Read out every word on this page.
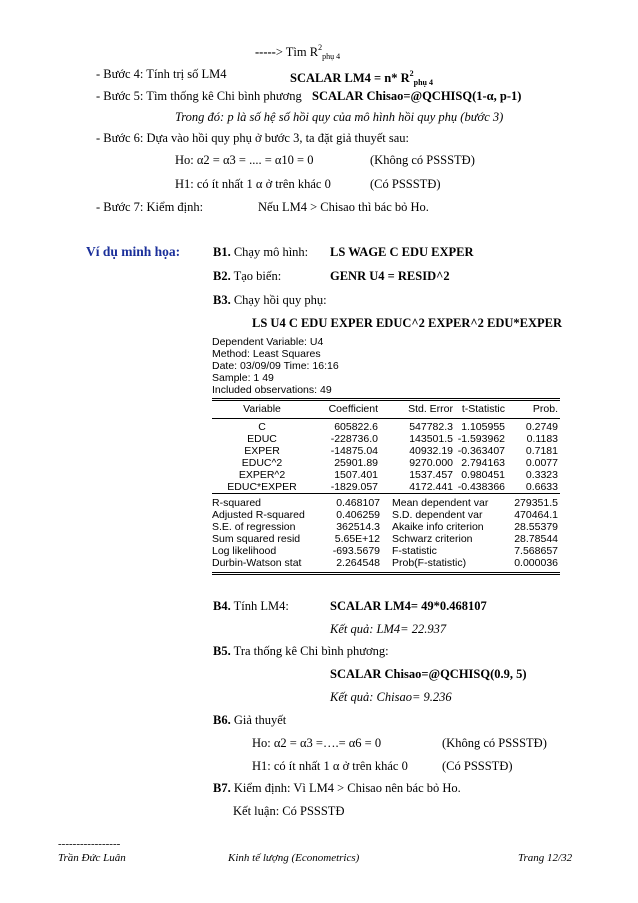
-----> Tìm $R^2_{phụ 4}$
- Bước 4: Tính trị số LM4	SCALAR LM4 = n* $R^2_{phụ 4}$
- Bước 5: Tìm thống kê Chi bình phương SCALAR Chisao=@QCHISQ(1-α, p-1)
Trong đó: p là số hệ số hồi quy của mô hình hồi quy phụ (bước 3)
- Bước 6: Dựa vào hồi quy phụ ở bước 3, ta đặt giả thuyết sau:
Ho: α2 = α3 = .... = α10 = 0	(Không có PSSSTĐ)
H1: có ít nhất 1 α ở trên khác 0	(Có PSSSTĐ)
- Bước 7: Kiểm định:	Nếu LM4 > Chisao thì bác bỏ Ho.
Ví dụ minh họa:	B1. Chạy mô hình: LS WAGE C EDU EXPER
B2. Tạo biến:	GENR U4 = RESID^2
B3. Chạy hồi quy phụ:
LS U4 C EDU EXPER EDUC^2 EXPER^2 EDU*EXPER
Dependent Variable: U4
Method: Least Squares
Date: 03/09/09 Time: 16:16
Sample: 1 49
Included observations: 49
Variable	Coefficient	Std. Error t-Statistic	Prob.
C	605822.6	547782.3 1.105955	0.2749
EDUC	-228736.0	143501.5 -1.593962	0.1183
EXPER	-14875.04	40932.19 -0.363407	0.7181
EDUC^2	25901.89	9270.000 2.794163	0.0077
EXPER^2	1507.401	1537.457 0.980451	0.3323
EDUC*EXPER	-1829.057	4172.441 -0.438366	0.6633
R-squared	0.468107 Mean dependent var	279351.5
Adjusted R-squared	0.406259 S.D. dependent var	470464.1
S.E. of regression	362514.3 Akaike info criterion	28.55379
Sum squared resid	5.65E+12 Schwarz criterion	28.78544
Log likelihood	-693.5679 F-statistic	7.568657
Durbin-Watson stat	2.264548 Prob(F-statistic)	0.000036
B4. Tính LM4:	SCALAR LM4= 49*0.468107
Kết quả: LM4= 22.937
B5. Tra thống kê Chi bình phương:
SCALAR Chisao=@QCHISQ(0.9, 5)
Kết quả: Chisao= 9.236
B6. Giả thuyết
Ho: α2 = α3 =….= α6 = 0	(Không có PSSSTĐ)
H1: có ít nhất 1 α ở trên khác 0	(Có PSSSTĐ)
B7. Kiểm định: Vì LM4 > Chisao nên bác bỏ Ho.
Kết luận: Có PSSSTĐ
-----------------
Trần Đức Luân	Kinh tế lượng (Econometrics)	Trang 12/32
